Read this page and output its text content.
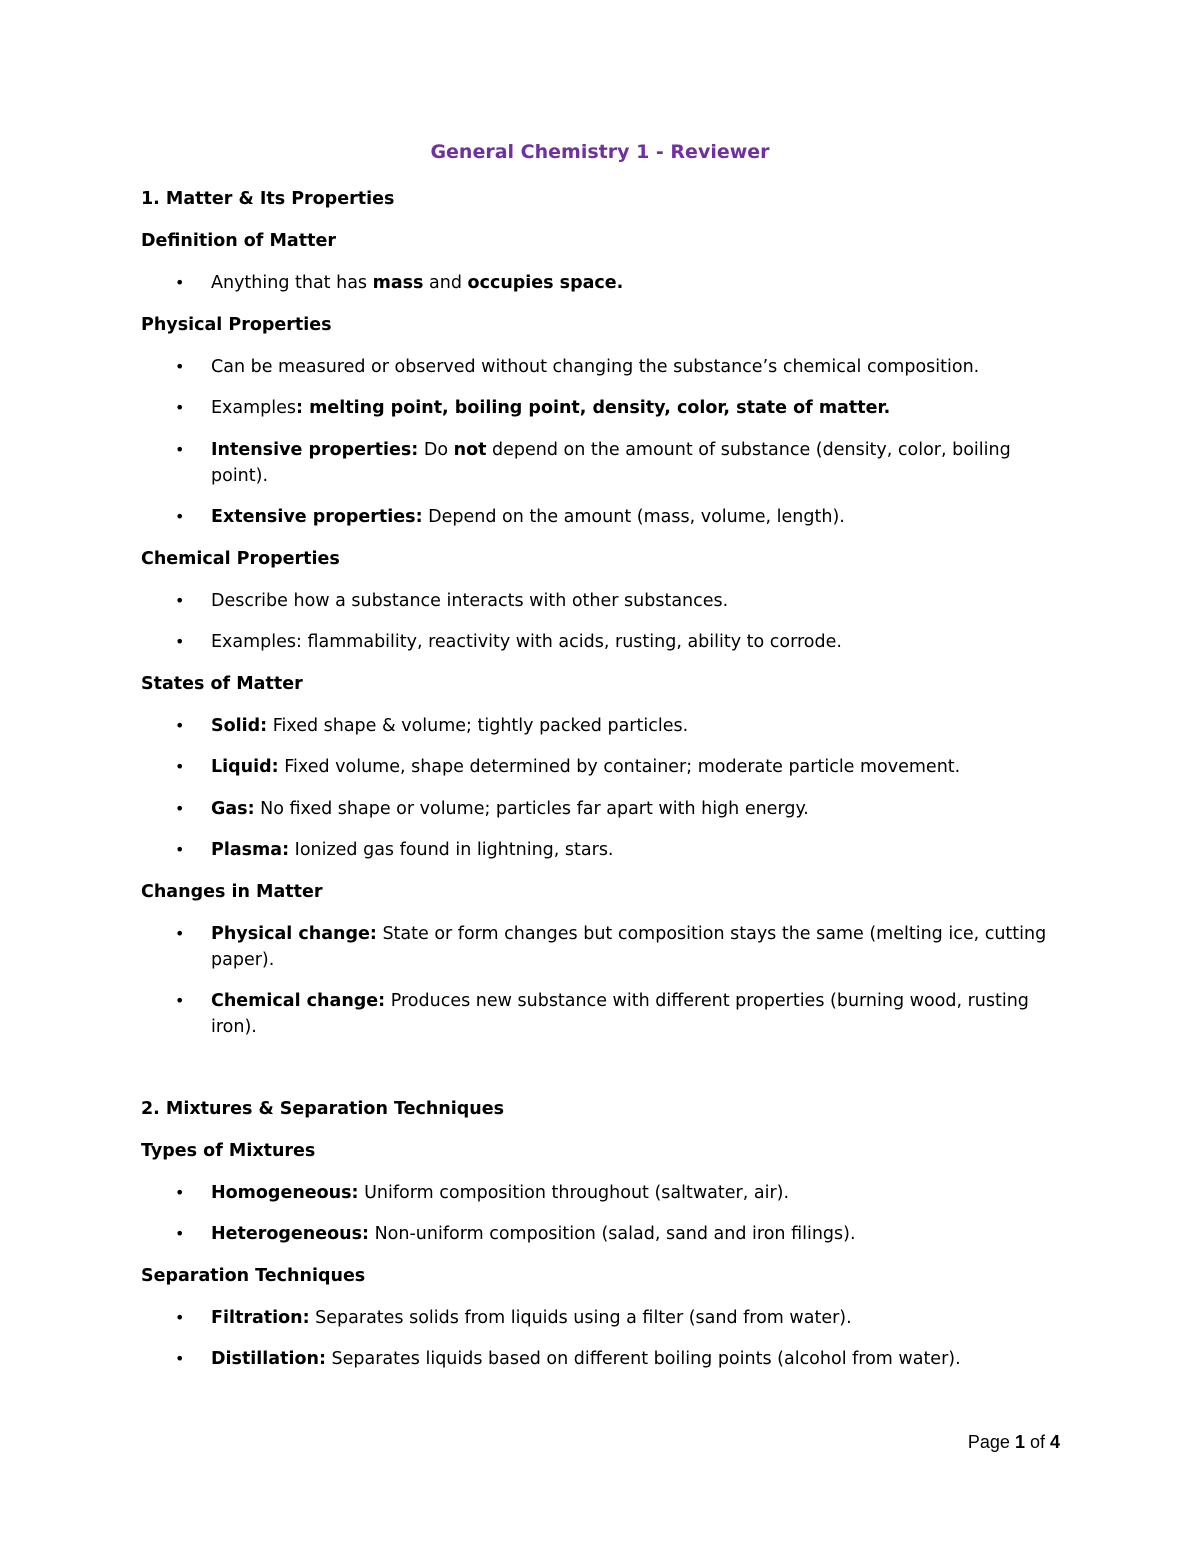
General Chemistry 1 - Reviewer
1. Matter & Its Properties
Definition of Matter
• Anything that has mass and occupies space.
Physical Properties
• Can be measured or observed without changing the substance’s chemical composition.
• Examples: melting point, boiling point, density, color, state of matter.
• Intensive properties: Do not depend on the amount of substance (density, color, boiling point).
• Extensive properties: Depend on the amount (mass, volume, length).
Chemical Properties
• Describe how a substance interacts with other substances.
• Examples: flammability, reactivity with acids, rusting, ability to corrode.
States of Matter
• Solid: Fixed shape & volume; tightly packed particles.
• Liquid: Fixed volume, shape determined by container; moderate particle movement.
• Gas: No fixed shape or volume; particles far apart with high energy.
• Plasma: Ionized gas found in lightning, stars.
Changes in Matter
• Physical change: State or form changes but composition stays the same (melting ice, cutting paper).
• Chemical change: Produces new substance with different properties (burning wood, rusting iron).
2. Mixtures & Separation Techniques
Types of Mixtures
• Homogeneous: Uniform composition throughout (saltwater, air).
• Heterogeneous: Non-uniform composition (salad, sand and iron filings).
Separation Techniques
• Filtration: Separates solids from liquids using a filter (sand from water).
• Distillation: Separates liquids based on different boiling points (alcohol from water).
Page 1 of 4
